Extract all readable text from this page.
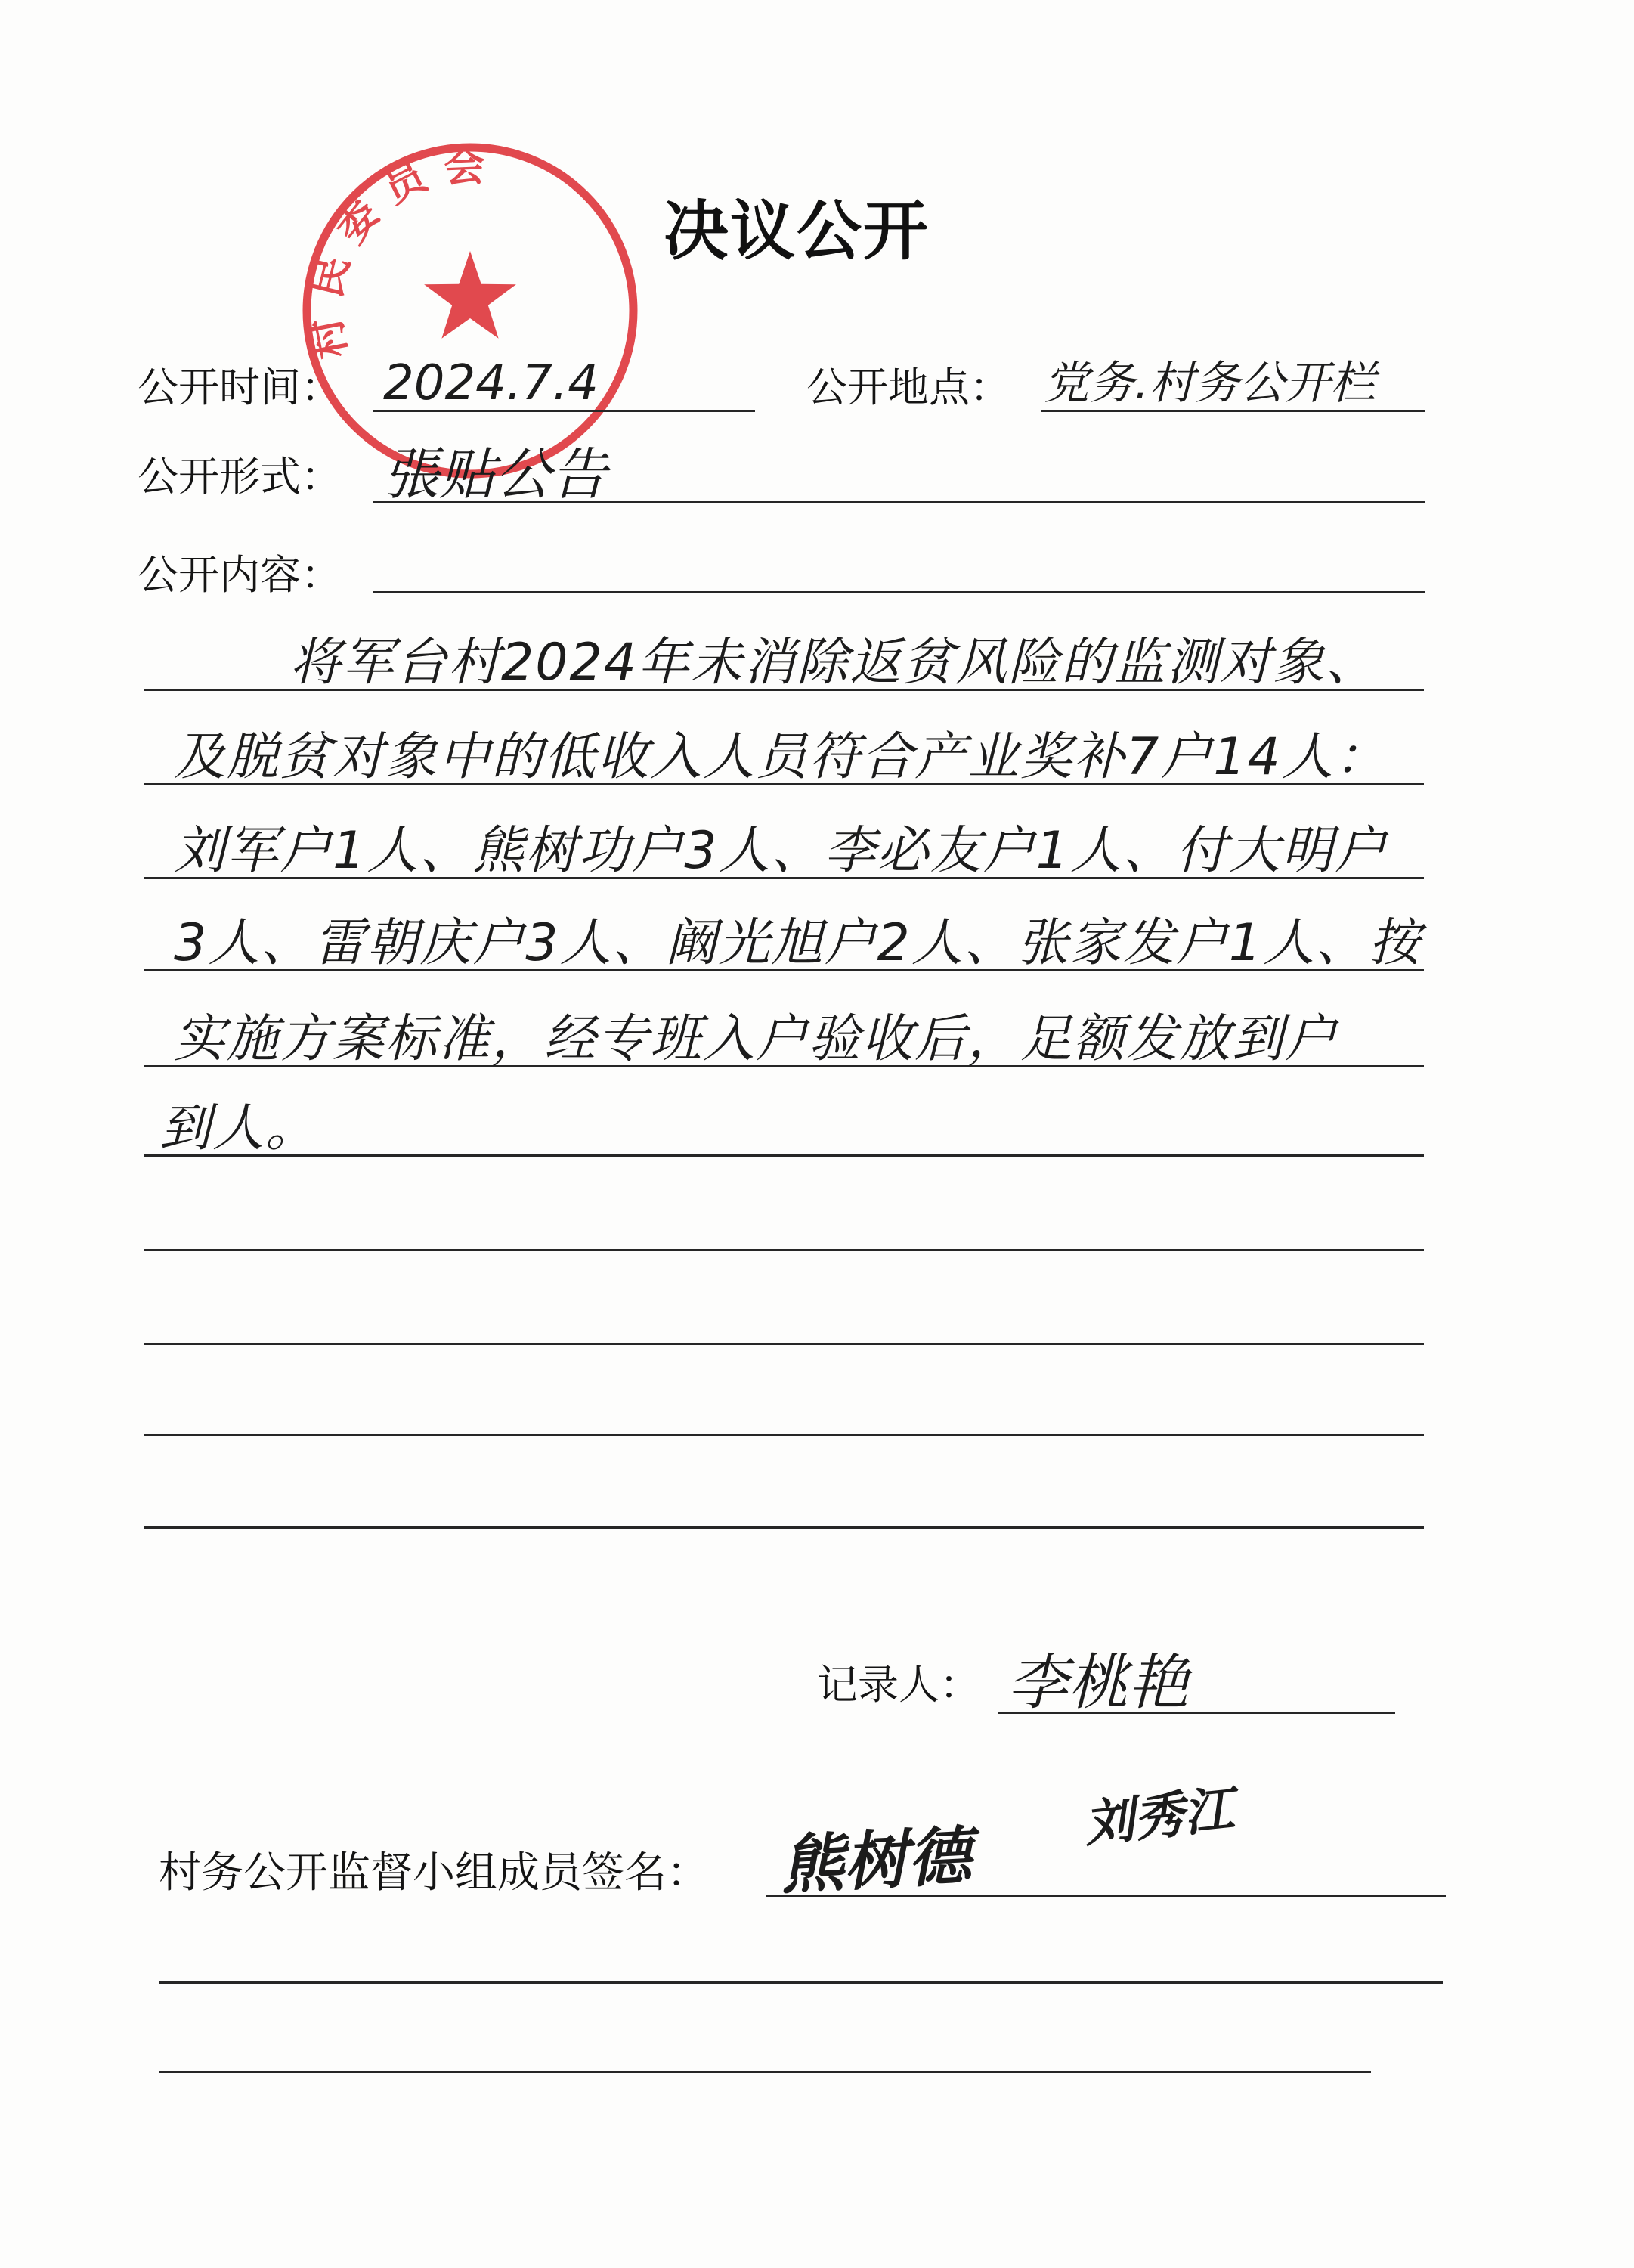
村民委员会
决议公开
公开时间： 2024.7.4	公开地点： 党务.村务公开栏
公开形式： 張贴公告
公开内容：
将军台村2024年未消除返贫风险的监测对象、
及脱贫对象中的低收入人员符合产业奖补7户14人：
刘军户1人、熊树功户3人、李必友户1人、付大明户
3人、雷朝庆户3人、阚光旭户2人、张家发户1人、按
实施方案标准，经专班入户验收后，足额发放到户
到人。
记录人： 李桃艳
村务公开监督小组成员签名： 熊树德
刘秀江
